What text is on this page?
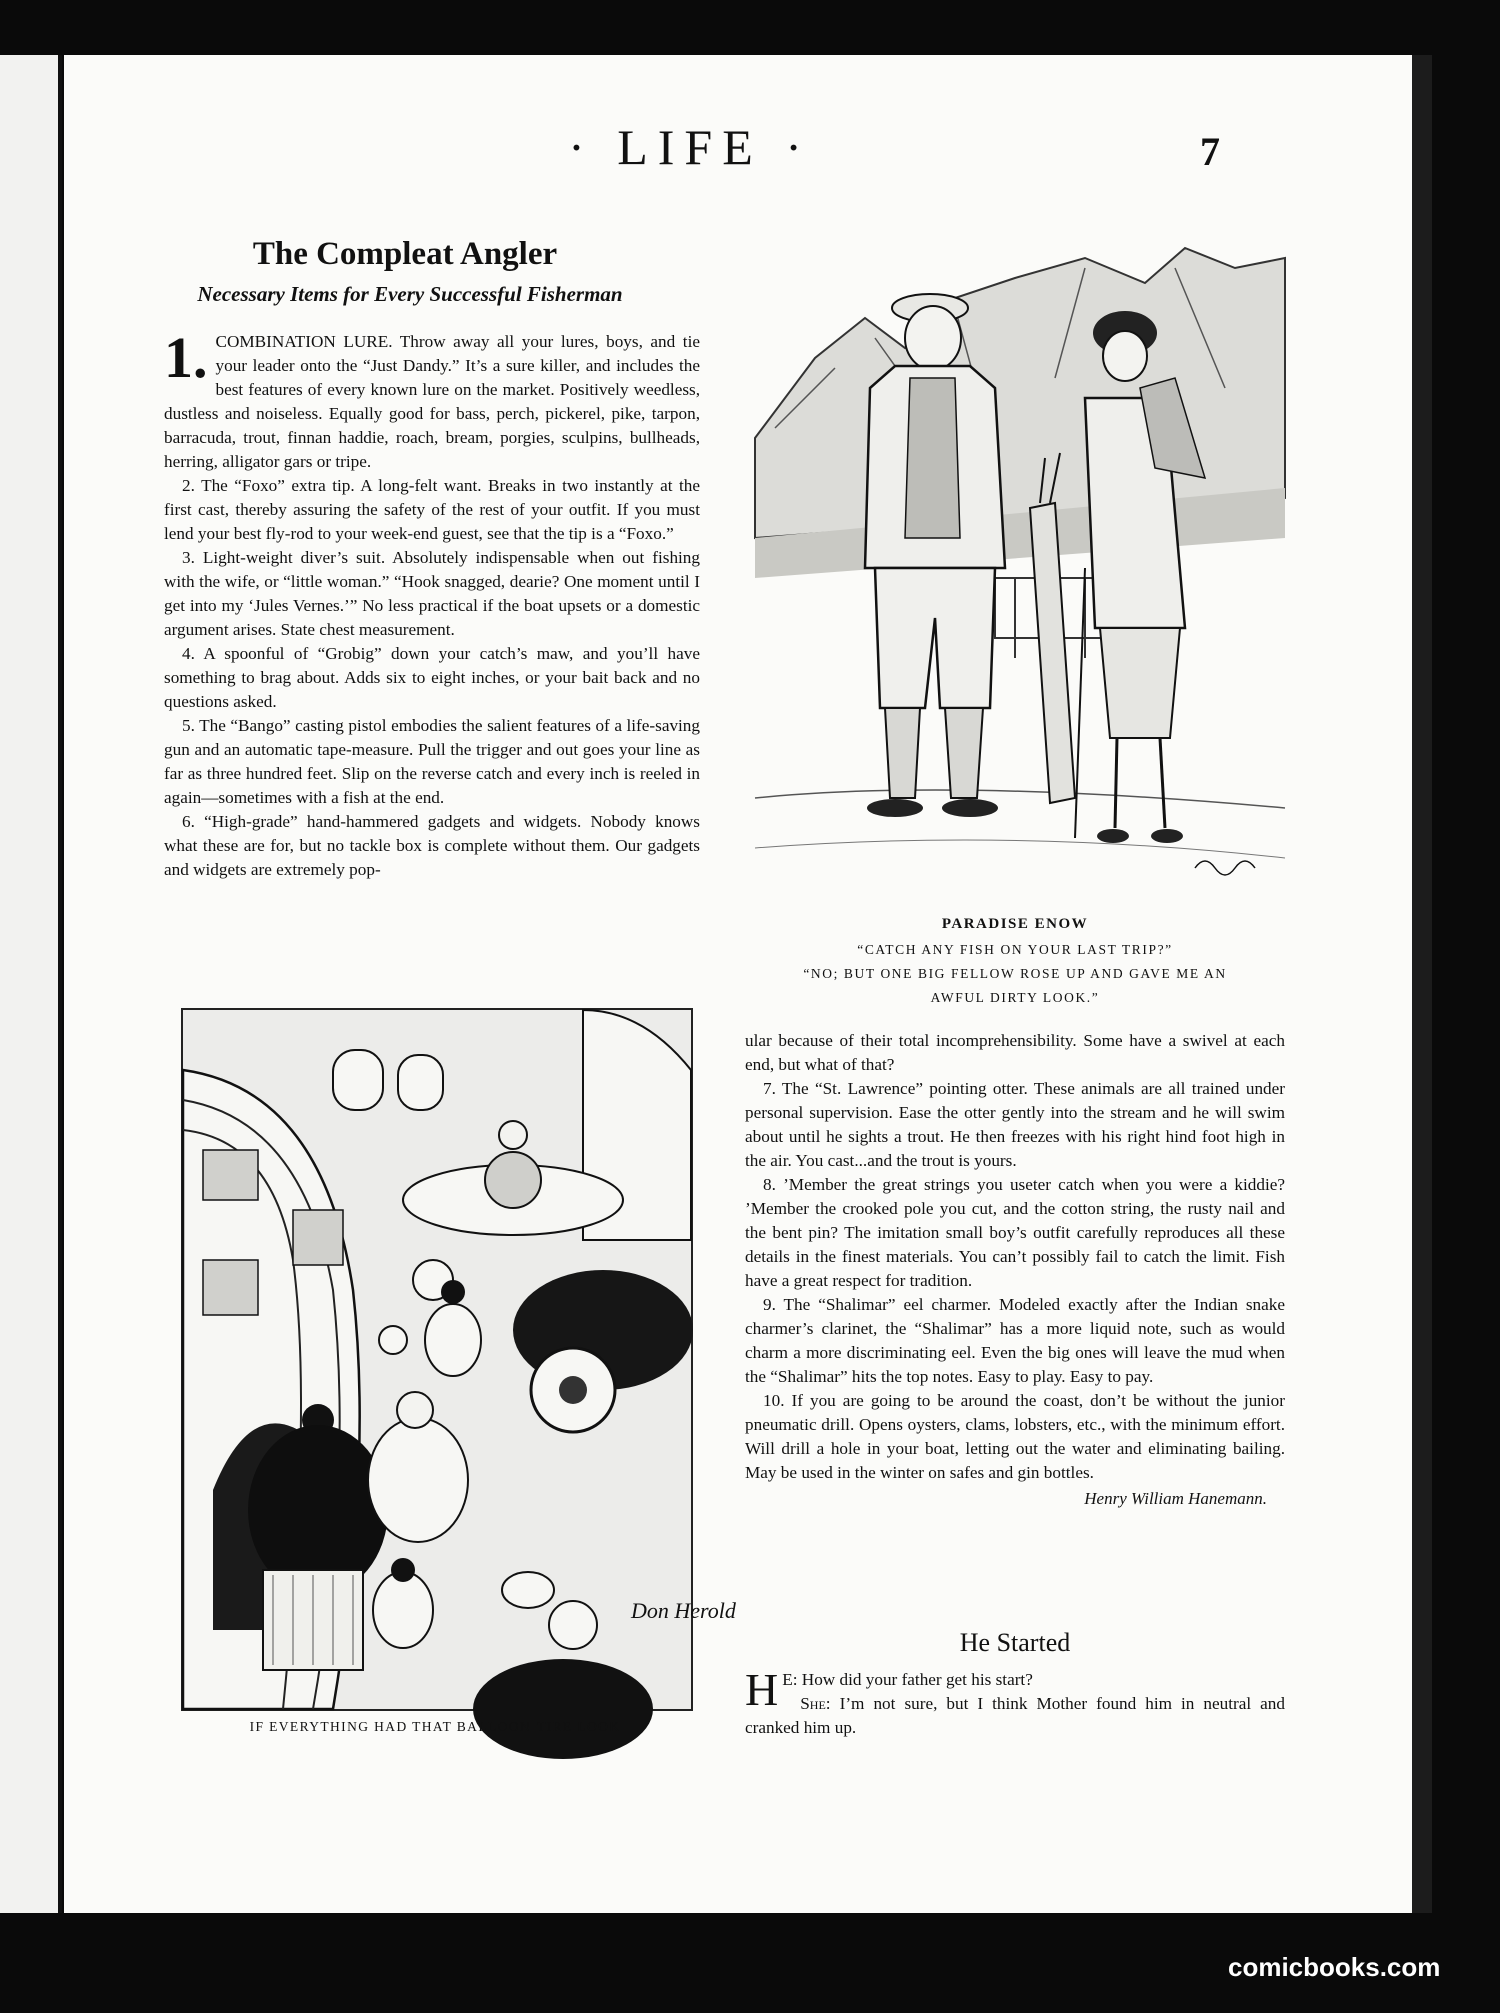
· LIFE ·	7
The Compleat Angler
Necessary Items for Every Successful Fisherman

1. COMBINATION LURE. Throw away all your lures, boys, and tie your leader onto the “Just Dandy.” It’s a sure killer, and includes the best features of every known lure on the market. Positively weedless, dustless and noiseless. Equally good for bass, perch, pickerel, pike, tarpon, barracuda, trout, finnan haddie, roach, bream, porgies, sculpins, bullheads, herring, alligator gars or tripe.

2. The “Foxo” extra tip. A long-felt want. Breaks in two instantly at the first cast, thereby assuring the safety of the rest of your outfit. If you must lend your best fly-rod to your week-end guest, see that the tip is a “Foxo.”

3. Light-weight diver’s suit. Absolutely indispensable when out fishing with the wife, or “little woman.” “Hook snagged, dearie? One moment until I get into my ‘Jules Vernes.’” No less practical if the boat upsets or a domestic argument arises. State chest measurement.

4. A spoonful of “Grobig” down your catch’s maw, and you’ll have something to brag about. Adds six to eight inches, or your bait back and no questions asked.

5. The “Bango” casting pistol embodies the salient features of a life-saving gun and an automatic tape-measure. Pull the trigger and out goes your line as far as three hundred feet. Slip on the reverse catch and every inch is reeled in again—sometimes with a fish at the end.

6. “High-grade” hand-hammered gadgets and widgets. Nobody knows what these are for, but no tackle box is complete without them. Our gadgets and widgets are extremely pop-

PARADISE ENOW
“CATCH ANY FISH ON YOUR LAST TRIP?”
“NO; BUT ONE BIG FELLOW ROSE UP AND GAVE ME AN
AWFUL DIRTY LOOK.”
Don Herold
IF EVERYTHING HAD THAT BALLOON-TIRE LOOK

ular because of their total incomprehensibility. Some have a swivel at each end, but what of that?

7. The “St. Lawrence” pointing otter. These animals are all trained under personal supervision. Ease the otter gently into the stream and he will swim about until he sights a trout. He then freezes with his right hind foot high in the air. You cast...and the trout is yours.

8. ’Member the great strings you useter catch when you were a kiddie? ’Member the crooked pole you cut, and the cotton string, the rusty nail and the bent pin? The imitation small boy’s outfit carefully reproduces all these details in the finest materials. You can’t possibly fail to catch the limit. Fish have a great respect for tradition.

9. The “Shalimar” eel charmer. Modeled exactly after the Indian snake charmer’s clarinet, the “Shalimar” has a more liquid note, such as would charm a more discriminating eel. Even the big ones will leave the mud when the “Shalimar” hits the top notes. Easy to play. Easy to pay.

10. If you are going to be around the coast, don’t be without the junior pneumatic drill. Opens oysters, clams, lobsters, etc., with the minimum effort. Will drill a hole in your boat, letting out the water and eliminating bailing. May be used in the winter on safes and gin bottles.

Henry William Hanemann.
He Started

H E: How did your father get his start?

She: I’m not sure, but I think Mother found him in neutral and cranked him up.

comicbooks.com
